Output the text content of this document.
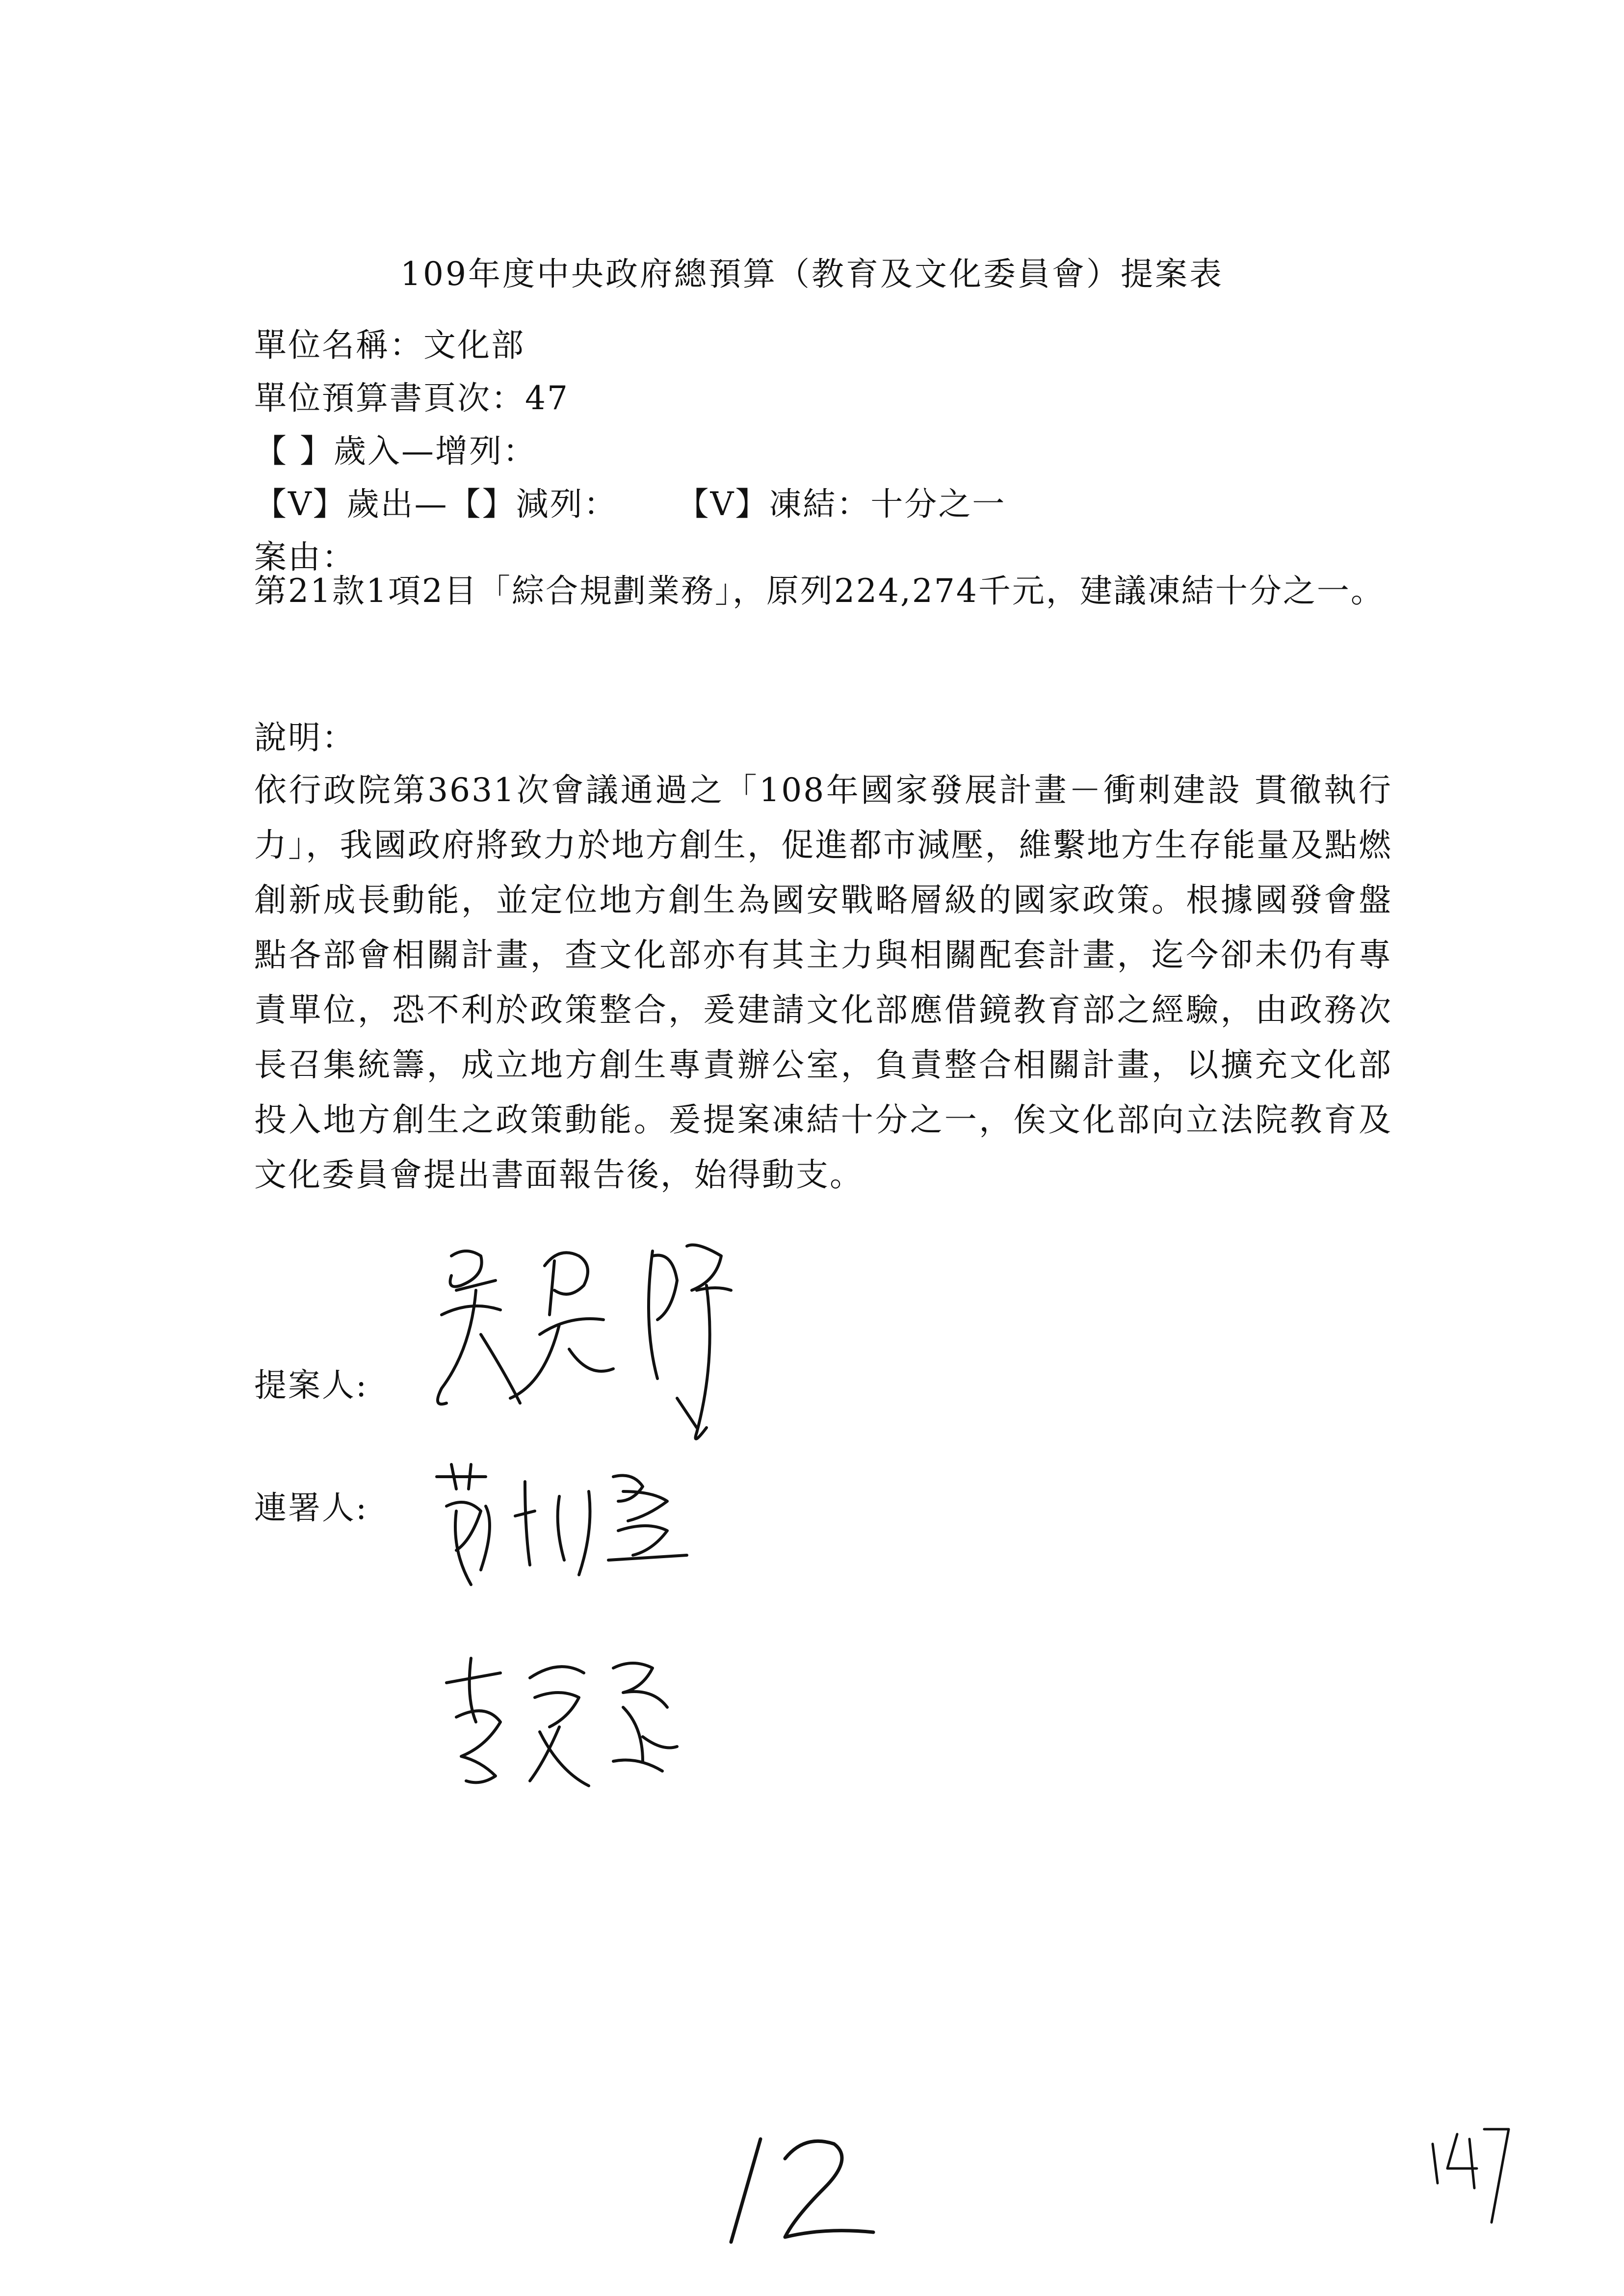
109年度中央政府總預算（教育及文化委員會）提案表
單位名稱：文化部
單位預算書頁次：47
【 】歲入—增列：
【V】歲出—【】減列： 【V】凍結：十分之一
案由：
第21款1項2目「綜合規劃業務」，原列224,274千元，建議凍結十分之一。
說明：
依行政院第3631次會議通過之「108年國家發展計畫－衝刺建設 貫徹執行力」，我國政府將致力於地方創生，促進都市減壓，維繫地方生存能量及點燃創新成長動能，並定位地方創生為國安戰略層級的國家政策。根據國發會盤點各部會相關計畫，查文化部亦有其主力與相關配套計畫，迄今卻未仍有專責單位，恐不利於政策整合，爰建請文化部應借鏡教育部之經驗，由政務次長召集統籌，成立地方創生專責辦公室，負責整合相關計畫，以擴充文化部投入地方創生之政策動能。爰提案凍結十分之一，俟文化部向立法院教育及文化委員會提出書面報告後，始得動支。
提案人:
連署人:
